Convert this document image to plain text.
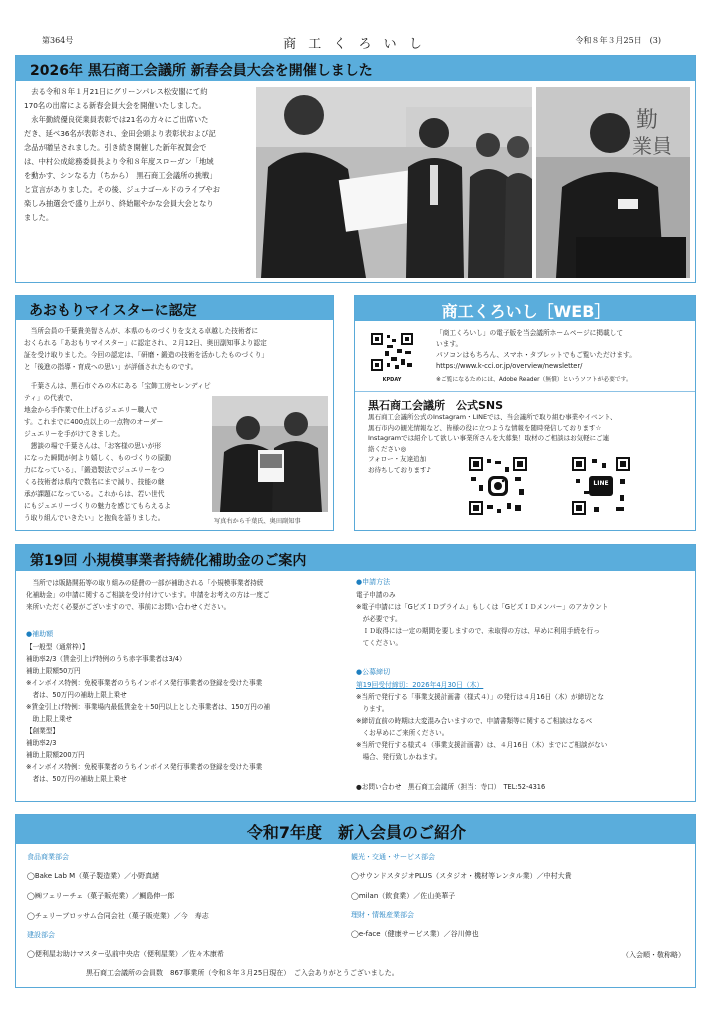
第364号	商 工 く ろ い し	令和８年３月25日　(3)
2026年 黒石商工会議所 新春会員大会を開催しました
　去る令和８年１月21日にグリーンパレス松安閣にて約
170名の出席による新春会員大会を開催いたしました。
　永年勤続優良従業員表彰では21名の方々にご出席いた
だき、延べ36名が表彰され、金田会頭より表彰状および記
念品が贈呈されました。引き続き開催した新年祝賀会で
は、中村公成総務委員長より令和８年度スローガン「地域
を動かす、シンなる力（ちから）　黒石商工会議所の挑戦」
と宣言がありました。その後、ジュナゴールドのライブやお
楽しみ抽選会で盛り上がり、終始賑やかな会員大会となり
ました。
勤
業員
あおもりマイスターに認定
　当所会員の千葉貴美智さんが、本県のものづくりを支える卓越した技術者に
おくられる「あおもりマイスター」に認定され、２月12日、奥田副知事より認定
証を受け取りました。今回の認定は、「研磨・鍛造の技術を活かしたものづくり」
と「後進の指導・育成への思い」が評価されたものです。
　千葉さんは、黒石市ぐみの木にある「宝飾工房セレンディピティ」の代表で、
地金から手作業で仕上げるジュエリー職人で
す。これまでに400点以上の一点物のオーダー
ジュエリーを手がけてきました。
　懇談の場で千葉さんは、「お客様の思いが形
になった瞬間が何より嬉しく、ものづくりの原動
力になっている」、「鍛造製法でジュエリーをつ
くる技術者は県内で数名にまで減り、技能の継
承が課題になっている。これからは、若い世代
にもジュエリーづくりの魅力を感じてもらえるよ
う取り組んでいきたい」と抱負を語りました。	写真右から千葉氏、奥田副知事
商工くろいし［WEB］
KPDAY
「商工くろいし」の電子版を当会議所ホームページに掲載して
います。
パソコンはもちろん、スマホ・タブレットでもご覧いただけます。
https://www.k-cci.or.jp/overview/newsletter/
※ご覧になるためには、Adobe Reader（無償）というソフトが必要です。
黒石商工会議所　公式SNS
黒石商工会議所公式のInstagram・LINEでは、当会議所で取り組む事業やイベント、
黒石市内の観光情報など、皆様の役に立つような情報を随時発信しております☆
Instagramでは紹介して欲しい事業所さんを大募集！取材のご相談はお気軽にご連
絡ください◎
フォロー・友達追加
お待ちしております♪
LINE
第19回 小規模事業者持続化補助金のご案内
　当所では販路開拓等の取り組みの経費の一部が補助される「小規模事業者持続
化補助金」の申請に関するご相談を受け付けています。申請をお考えの方は一度ご
来所いただく必要がございますので、事前にお問い合わせください。
●補助額
【一般型（通常枠）】
補助率2/3（賃金引上げ特例のうち赤字事業者は3/4）
補助上限額50万円
※インボイス特例：免税事業者のうちインボイス発行事業者の登録を受けた事業
　者は、50万円の補助上限上乗せ
※賃金引上げ特例：事業場内最低賃金を＋50円以上とした事業者は、150万円の補
　助上限上乗せ
【創業型】
補助率2/3
補助上限額200万円
※インボイス特例：免税事業者のうちインボイス発行事業者の登録を受けた事業
　者は、50万円の補助上限上乗せ
●申請方法
電子申請のみ
※電子申請には「GビズＩＤプライム」もしくは「GビズＩＤメンバー」のアカウント
　が必要です。
　ＩＤ取得には一定の期間を要しますので、未取得の方は、早めに利用手続を行っ
　てください。
●公募締切
第19回受付締切：2026年4月30日（木）
※当所で発行する「事業支援計画書（様式４）」の発行は４月16日（木）が締切とな
　ります。
※締切直前の時期は大変混み合いますので、申請書類等に関するご相談はなるべ
　くお早めにご来所ください。
※当所で発行する様式４（事業支援計画書）は、４月16日（木）までにご相談がない
　場合、発行致しかねます。
●お問い合わせ　黒石商工会議所（担当：寺口）　TEL:52-4316
令和7年度　新入会員のご紹介
食品商業部会
◯Bake Lab M（菓子製造業）／小野真緒
◯㈱フェリーチェ（菓子販売業）／鯛島伸一郎
◯チェリーブロッサム合同会社（菓子販売業）／今　寿志
建設部会
◯便利屋お助けマスター弘前中央店（便利屋業）／佐々木康希
観光・交通・サービス部会
◯サウンドスタジオPLUS（スタジオ・機材等レンタル業）／中村大貴
◯milan（飲食業）／佐山美華子
理財・情報産業部会
◯e-face（健康サービス業）／谷川伸也
（入会順・敬称略）
黒石商工会議所の会員数　867事業所（令和８年３月25日現在）　ご入会ありがとうございました。
